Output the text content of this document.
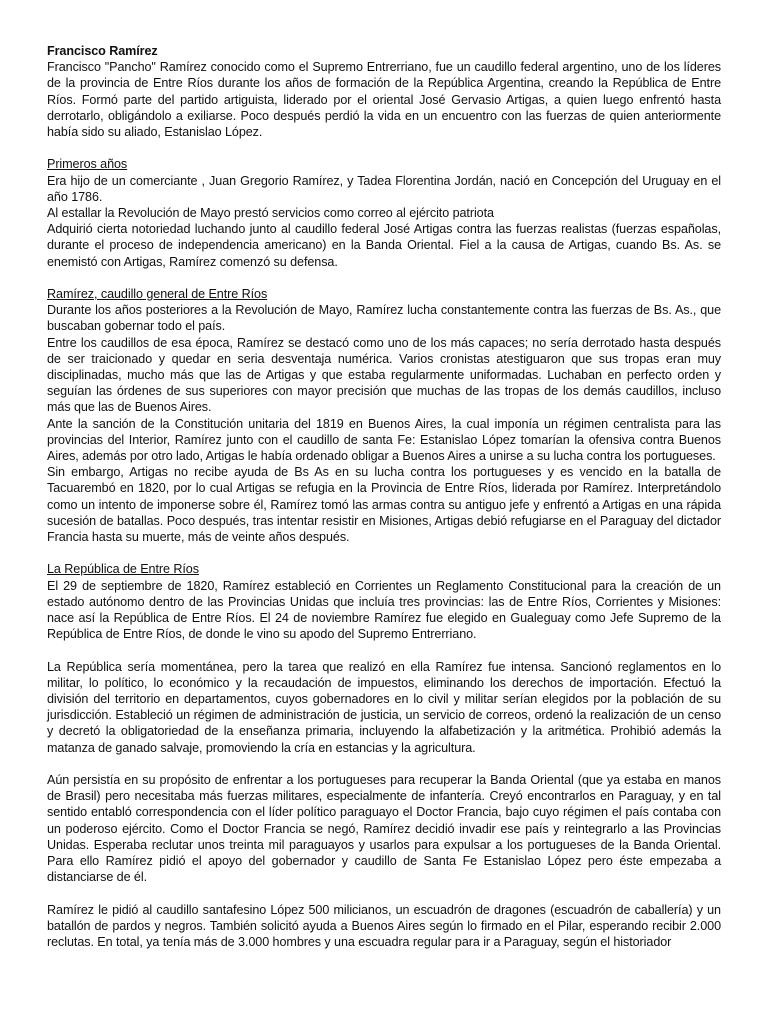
Francisco Ramírez

Francisco "Pancho" Ramírez conocido como el Supremo Entrerriano, fue un caudillo federal argentino, uno de los líderes de la provincia de Entre Ríos durante los años de formación de la República Argentina, creando la República de Entre Ríos. Formó parte del partido artiguista, liderado por el oriental José Gervasio Artigas, a quien luego enfrentó hasta derrotarlo, obligándolo a exiliarse. Poco después perdió la vida en un encuentro con las fuerzas de quien anteriormente había sido su aliado, Estanislao López.

Primeros años

Era hijo de un comerciante , Juan Gregorio Ramírez, y Tadea Florentina Jordán, nació en Concepción del Uruguay en el año 1786.

Al estallar la Revolución de Mayo prestó servicios como correo al ejército patriota

Adquirió cierta notoriedad luchando junto al caudillo federal José Artigas contra las fuerzas realistas (fuerzas españolas, durante el proceso de independencia americano) en la Banda Oriental. Fiel a la causa de Artigas, cuando Bs. As. se enemistó con Artigas, Ramírez comenzó su defensa.

Ramírez, caudillo general de Entre Ríos

Durante los años posteriores a la Revolución de Mayo, Ramírez lucha constantemente contra las fuerzas de Bs. As., que buscaban gobernar todo el país.

Entre los caudillos de esa época, Ramírez se destacó como uno de los más capaces; no sería derrotado hasta después de ser traicionado y quedar en seria desventaja numérica. Varios cronistas atestiguaron que sus tropas eran muy disciplinadas, mucho más que las de Artigas y que estaba regularmente uniformadas. Luchaban en perfecto orden y seguían las órdenes de sus superiores con mayor precisión que muchas de las tropas de los demás caudillos, incluso más que las de Buenos Aires.

Ante la sanción de la Constitución unitaria del 1819 en Buenos Aires, la cual imponía un régimen centralista para las provincias del Interior, Ramírez junto con el caudillo de santa Fe: Estanislao López tomarían la ofensiva contra Buenos Aires, además por otro lado, Artigas le había ordenado obligar a Buenos Aires a unirse a su lucha contra los portugueses.

Sin embargo, Artigas no recibe ayuda de Bs As en su lucha contra los portugueses y es vencido en la batalla de Tacuarembó en 1820, por lo cual Artigas se refugia en la Provincia de Entre Ríos, liderada por Ramírez. Interpretándolo como un intento de imponerse sobre él, Ramírez tomó las armas contra su antiguo jefe y enfrentó a Artigas en una rápida sucesión de batallas. Poco después, tras intentar resistir en Misiones, Artigas debió refugiarse en el Paraguay del dictador Francia hasta su muerte, más de veinte años después.

La República de Entre Ríos

El 29 de septiembre de 1820, Ramírez estableció en Corrientes un Reglamento Constitucional para la creación de un estado autónomo dentro de las Provincias Unidas que incluía tres provincias: las de Entre Ríos, Corrientes y Misiones: nace así la República de Entre Ríos. El 24 de noviembre Ramírez fue elegido en Gualeguay como Jefe Supremo de la República de Entre Ríos, de donde le vino su apodo del Supremo Entrerriano.

La República sería momentánea, pero la tarea que realizó en ella Ramírez fue intensa. Sancionó reglamentos en lo militar, lo político, lo económico y la recaudación de impuestos, eliminando los derechos de importación. Efectuó la división del territorio en departamentos, cuyos gobernadores en lo civil y militar serían elegidos por la población de su jurisdicción. Estableció un régimen de administración de justicia, un servicio de correos, ordenó la realización de un censo y decretó la obligatoriedad de la enseñanza primaria, incluyendo la alfabetización y la aritmética. Prohibió además la matanza de ganado salvaje, promoviendo la cría en estancias y la agricultura.

Aún persistía en su propósito de enfrentar a los portugueses para recuperar la Banda Oriental (que ya estaba en manos de Brasil) pero necesitaba más fuerzas militares, especialmente de infantería. Creyó encontrarlos en Paraguay, y en tal sentido entabló correspondencia con el líder político paraguayo el Doctor Francia, bajo cuyo régimen el país contaba con un poderoso ejército. Como el Doctor Francia se negó, Ramírez decidió invadir ese país y reintegrarlo a las Provincias Unidas. Esperaba reclutar unos treinta mil paraguayos y usarlos para expulsar a los portugueses de la Banda Oriental. Para ello Ramírez pidió el apoyo del gobernador y caudillo de Santa Fe Estanislao López pero éste empezaba a distanciarse de él.

Ramírez le pidió al caudillo santafesino López 500 milicianos, un escuadrón de dragones (escuadrón de caballería) y un batallón de pardos y negros. También solicitó ayuda a Buenos Aires según lo firmado en el Pilar, esperando recibir 2.000 reclutas. En total, ya tenía más de 3.000 hombres y una escuadra regular para ir a Paraguay, según el historiador
